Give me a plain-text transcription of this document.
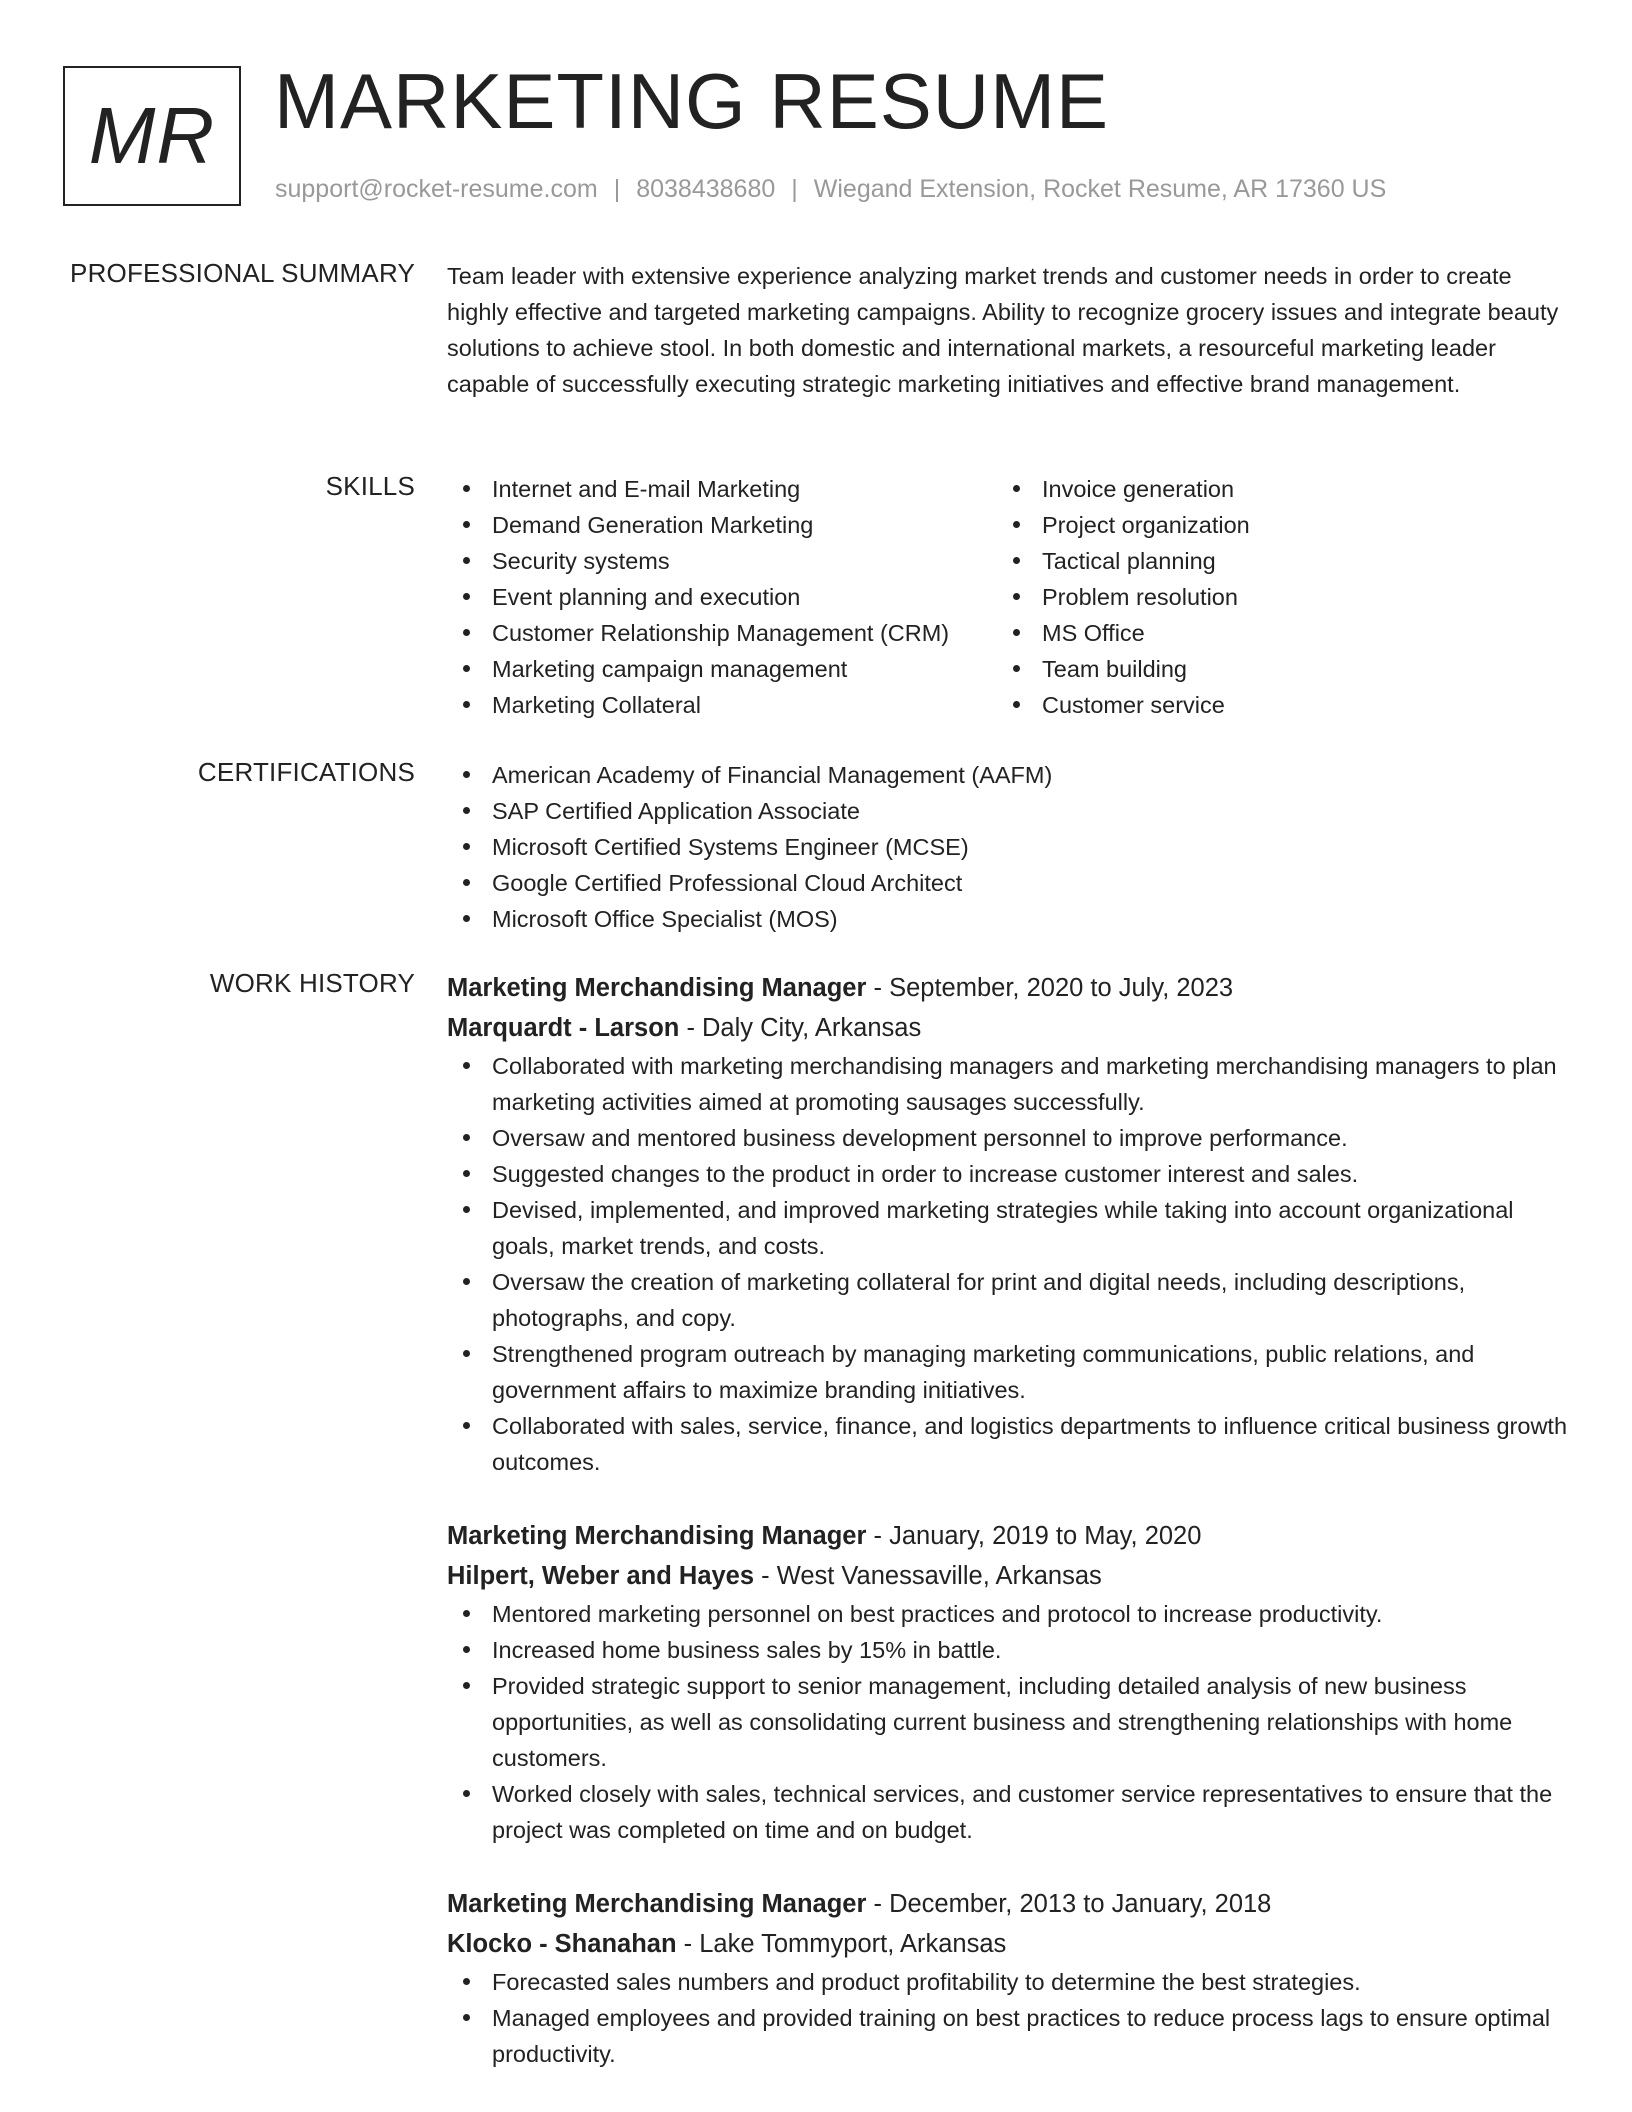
MR MARKETING RESUME
support@rocket-resume.com | 8038438680 | Wiegand Extension, Rocket Resume, AR 17360 US
PROFESSIONAL SUMMARY Team leader with extensive experience analyzing market trends and customer needs in order to create highly effective and targeted marketing campaigns. Ability to recognize grocery issues and integrate beauty solutions to achieve stool. In both domestic and international markets, a resourceful marketing leader capable of successfully executing strategic marketing initiatives and effective brand management.

SKILLS	Internet and E-mail Marketing
Demand Generation Marketing
Security systems
Event planning and execution
Customer Relationship Management (CRM)
Marketing campaign management
Marketing Collateral
Invoice generation
Project organization
Tactical planning
Problem resolution
MS Office
Team building
Customer service
CERTIFICATIONS	American Academy of Financial Management (AAFM)
SAP Certified Application Associate
Microsoft Certified Systems Engineer (MCSE)
Google Certified Professional Cloud Architect
Microsoft Office Specialist (MOS)
WORK HISTORY Marketing Merchandising Manager - September, 2020 to July, 2023
Marquardt - Larson - Daly City, Arkansas
Collaborated with marketing merchandising managers and marketing merchandising managers to plan marketing activities aimed at promoting sausages successfully.
Oversaw and mentored business development personnel to improve performance.
Suggested changes to the product in order to increase customer interest and sales.
Devised, implemented, and improved marketing strategies while taking into account organizational goals, market trends, and costs.
Oversaw the creation of marketing collateral for print and digital needs, including descriptions, photographs, and copy.
Strengthened program outreach by managing marketing communications, public relations, and government affairs to maximize branding initiatives.
Collaborated with sales, service, finance, and logistics departments to influence critical business growth outcomes.
Marketing Merchandising Manager - January, 2019 to May, 2020
Hilpert, Weber and Hayes - West Vanessaville, Arkansas
Mentored marketing personnel on best practices and protocol to increase productivity.
Increased home business sales by 15% in battle.
Provided strategic support to senior management, including detailed analysis of new business opportunities, as well as consolidating current business and strengthening relationships with home customers.
Worked closely with sales, technical services, and customer service representatives to ensure that the project was completed on time and on budget.
Marketing Merchandising Manager - December, 2013 to January, 2018
Klocko - Shanahan - Lake Tommyport, Arkansas
Forecasted sales numbers and product profitability to determine the best strategies.
Managed employees and provided training on best practices to reduce process lags to ensure optimal productivity.
